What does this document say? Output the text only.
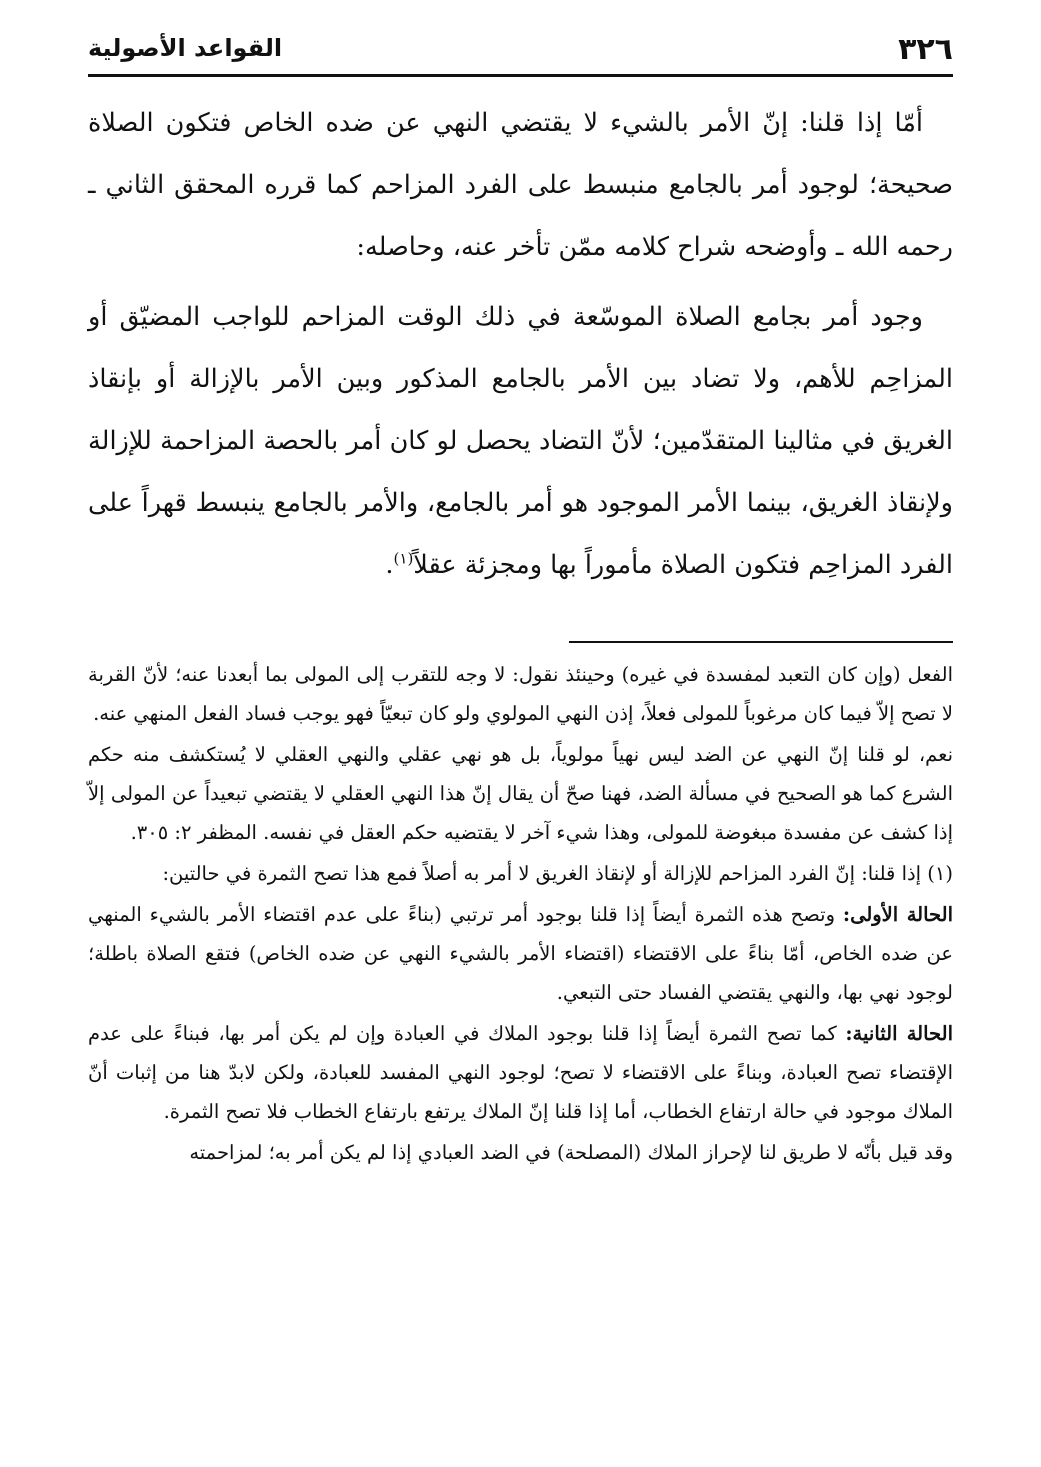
٣٢٦
القواعد الأصولية

أمّا إذا قلنا: إنّ الأمر بالشيء لا يقتضي النهي عن ضده الخاص فتكون الصلاة صحيحة؛ لوجود أمر بالجامع منبسط على الفرد المزاحم كما قرره المحقق الثاني ـ رحمه الله ـ وأوضحه شراح كلامه ممّن تأخر عنه، وحاصله:

وجود أمر بجامع الصلاة الموسّعة في ذلك الوقت المزاحم للواجب المضيّق أو المزاحِم للأهم، ولا تضاد بين الأمر بالجامع المذكور وبين الأمر بالإزالة أو بإنقاذ الغريق في مثالينا المتقدّمين؛ لأنّ التضاد يحصل لو كان أمر بالحصة المزاحمة للإزالة ولإنقاذ الغريق، بينما الأمر الموجود هو أمر بالجامع، والأمر بالجامع ينبسط قهراً على الفرد المزاحِم فتكون الصلاة مأموراً بها ومجزئة عقلاً$^{(١)}$.

الفعل (وإن كان التعبد لمفسدة في غيره) وحينئذ نقول: لا وجه للتقرب إلى المولى بما أبعدنا عنه؛ لأنّ القربة لا تصح إلاّ فيما كان مرغوباً للمولى فعلاً، إذن النهي المولوي ولو كان تبعيّاً فهو يوجب فساد الفعل المنهي عنه.

نعم، لو قلنا إنّ النهي عن الضد ليس نهياً مولوياً، بل هو نهي عقلي والنهي العقلي لا يُستكشف منه حكم الشرع كما هو الصحيح في مسألة الضد، فهنا صحّ أن يقال إنّ هذا النهي العقلي لا يقتضي تبعيداً عن المولى إلاّ إذا كشف عن مفسدة مبغوضة للمولى، وهذا شيء آخر لا يقتضيه حكم العقل في نفسه. المظفر ٢: ٣٠٥.

(١) إذا قلنا: إنّ الفرد المزاحم للإزالة أو لإنقاذ الغريق لا أمر به أصلاً فمع هذا تصح الثمرة في حالتين:

الحالة الأولى: وتصح هذه الثمرة أيضاً إذا قلنا بوجود أمر ترتبي (بناءً على عدم اقتضاء الأمر بالشيء المنهي عن ضده الخاص، أمّا بناءً على الاقتضاء (اقتضاء الأمر بالشيء النهي عن ضده الخاص) فتقع الصلاة باطلة؛ لوجود نهي بها، والنهي يقتضي الفساد حتى التبعي.

الحالة الثانية: كما تصح الثمرة أيضاً إذا قلنا بوجود الملاك في العبادة وإن لم يكن أمر بها، فبناءً على عدم الإقتضاء تصح العبادة، وبناءً على الاقتضاء لا تصح؛ لوجود النهي المفسد للعبادة، ولكن لابدّ هنا من إثبات أنّ الملاك موجود في حالة ارتفاع الخطاب، أما إذا قلنا إنّ الملاك يرتفع بارتفاع الخطاب فلا تصح الثمرة.

وقد قيل بأنّه لا طريق لنا لإحراز الملاك (المصلحة) في الضد العبادي إذا لم يكن أمر به؛ لمزاحمته
